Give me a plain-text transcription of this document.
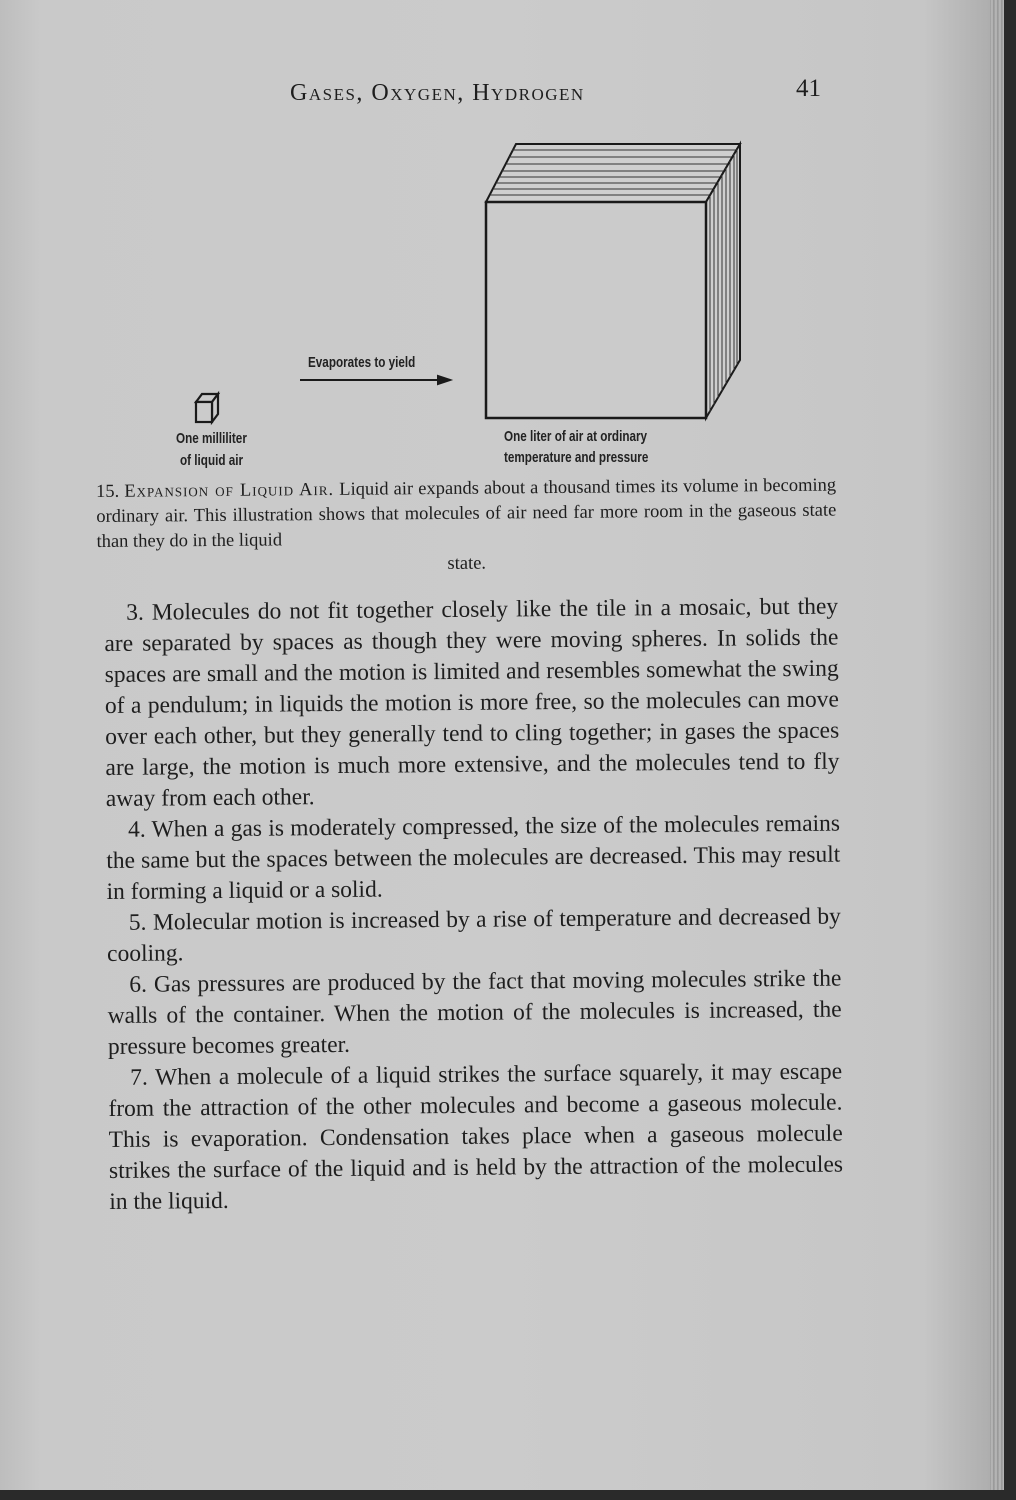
Gases, Oxygen, Hydrogen	41
Evaporates to yield
One milliliter
of liquid air
One liter of air at ordinary
temperature and pressure
15. Expansion of Liquid Air. Liquid air expands about a thousand times its volume in becoming ordinary air. This illustration shows that molecules of air need far more room in the gaseous state than they do in the liquid
state.

3. Molecules do not fit together closely like the tile in a mosaic, but they are separated by spaces as though they were moving spheres. In solids the spaces are small and the motion is limited and resembles somewhat the swing of a pendulum; in liquids the motion is more free, so the molecules can move over each other, but they generally tend to cling together; in gases the spaces are large, the motion is much more extensive, and the molecules tend to fly away from each other.

4. When a gas is moderately compressed, the size of the molecules remains the same but the spaces between the molecules are decreased. This may result in forming a liquid or a solid.

5. Molecular motion is increased by a rise of temperature and decreased by cooling.

6. Gas pressures are produced by the fact that moving molecules strike the walls of the container. When the motion of the molecules is increased, the pressure becomes greater.

7. When a molecule of a liquid strikes the surface squarely, it may escape from the attraction of the other molecules and become a gaseous molecule. This is evaporation. Condensation takes place when a gaseous molecule strikes the surface of the liquid and is held by the attraction of the molecules in the liquid.
